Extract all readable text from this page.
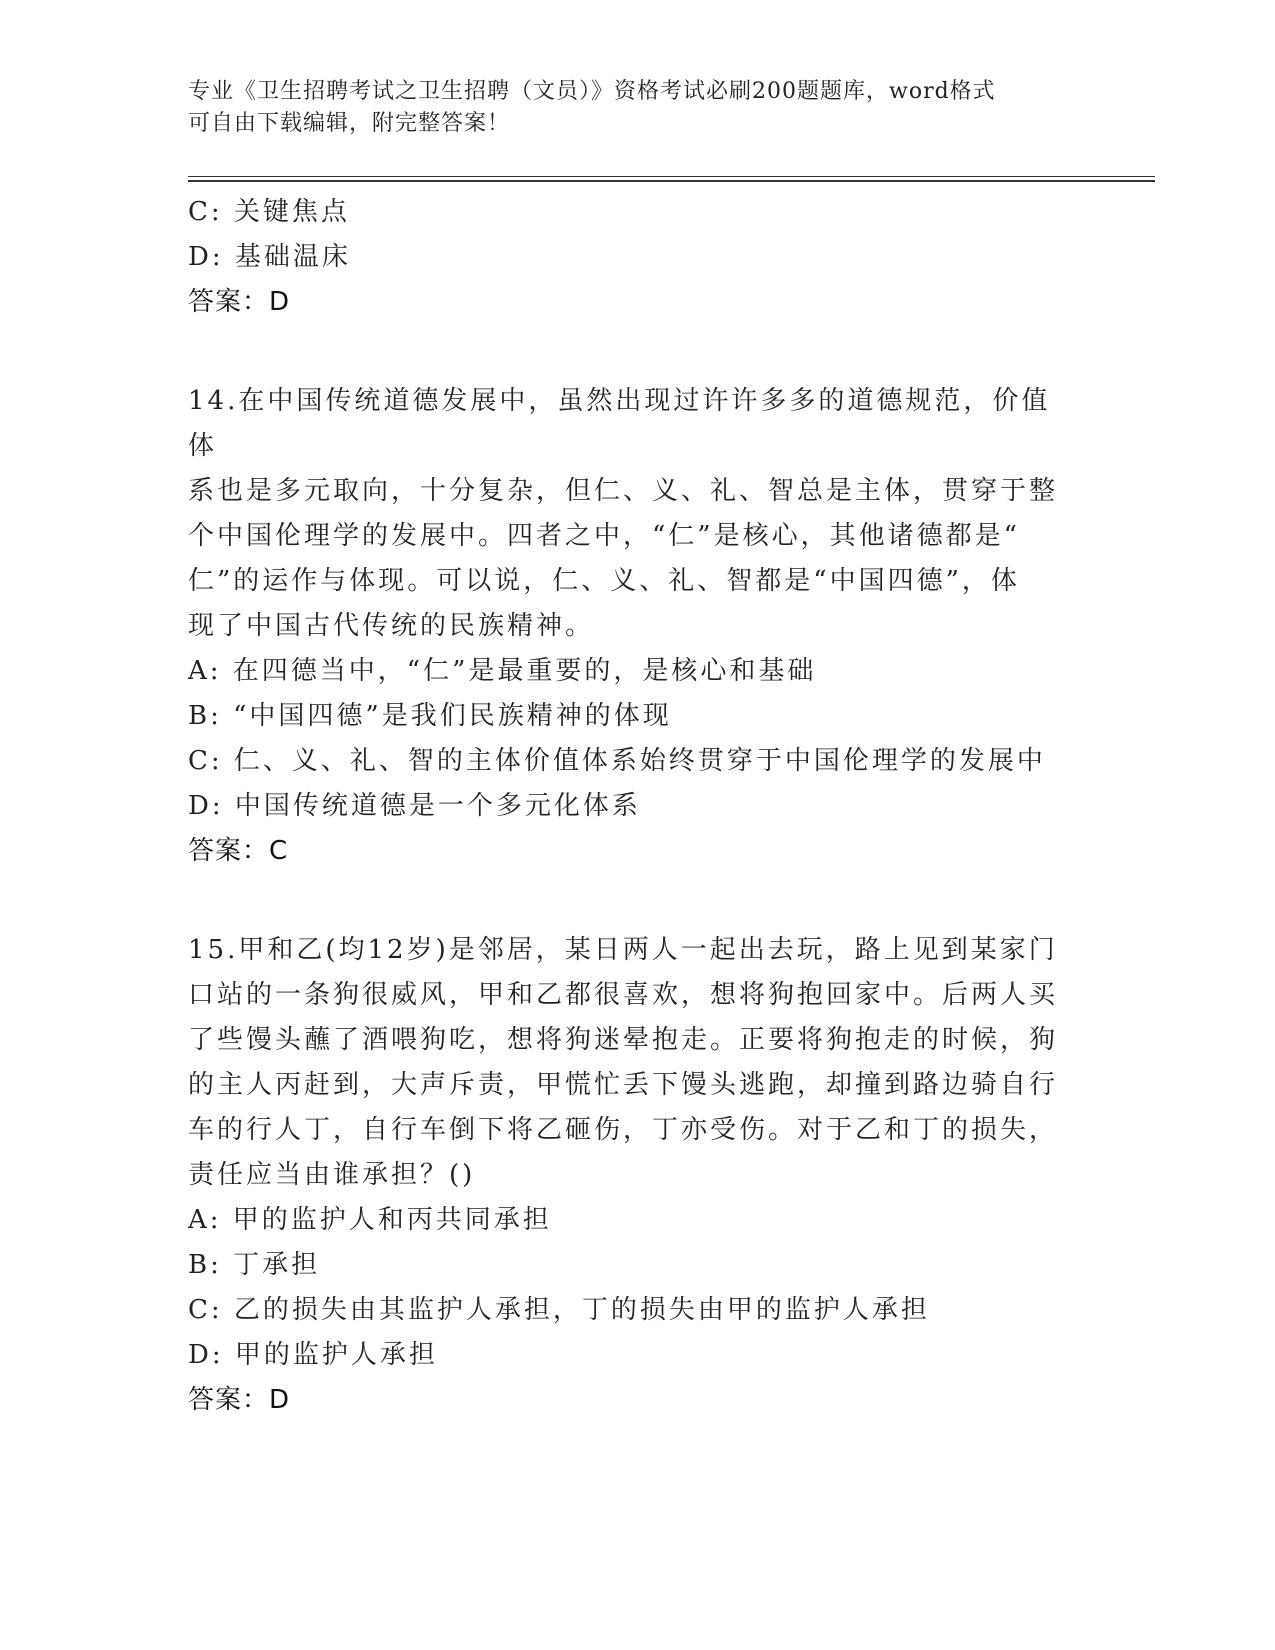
专业《卫生招聘考试之卫生招聘（文员）》资格考试必刷200题题库，word格式
可自由下载编辑，附完整答案！

C: 关键焦点

D: 基础温床

答案：D

14.在中国传统道德发展中，虽然出现过许许多多的道德规范，价值体

系也是多元取向，十分复杂，但仁、义、礼、智总是主体，贯穿于整

个中国伦理学的发展中。四者之中，“仁”是核心，其他诸德都是“

仁”的运作与体现。可以说，仁、义、礼、智都是“中国四德”，体

现了中国古代传统的民族精神。

A: 在四德当中，“仁”是最重要的，是核心和基础

B: “中国四德”是我们民族精神的体现

C: 仁、义、礼、智的主体价值体系始终贯穿于中国伦理学的发展中

D: 中国传统道德是一个多元化体系

答案：C

15.甲和乙(均12岁)是邻居，某日两人一起出去玩，路上见到某家门

口站的一条狗很威风，甲和乙都很喜欢，想将狗抱回家中。后两人买

了些馒头蘸了酒喂狗吃，想将狗迷晕抱走。正要将狗抱走的时候，狗

的主人丙赶到，大声斥责，甲慌忙丢下馒头逃跑，却撞到路边骑自行

车的行人丁，自行车倒下将乙砸伤，丁亦受伤。对于乙和丁的损失，

责任应当由谁承担？()

A: 甲的监护人和丙共同承担

B: 丁承担

C: 乙的损失由其监护人承担，丁的损失由甲的监护人承担

D: 甲的监护人承担

答案：D
